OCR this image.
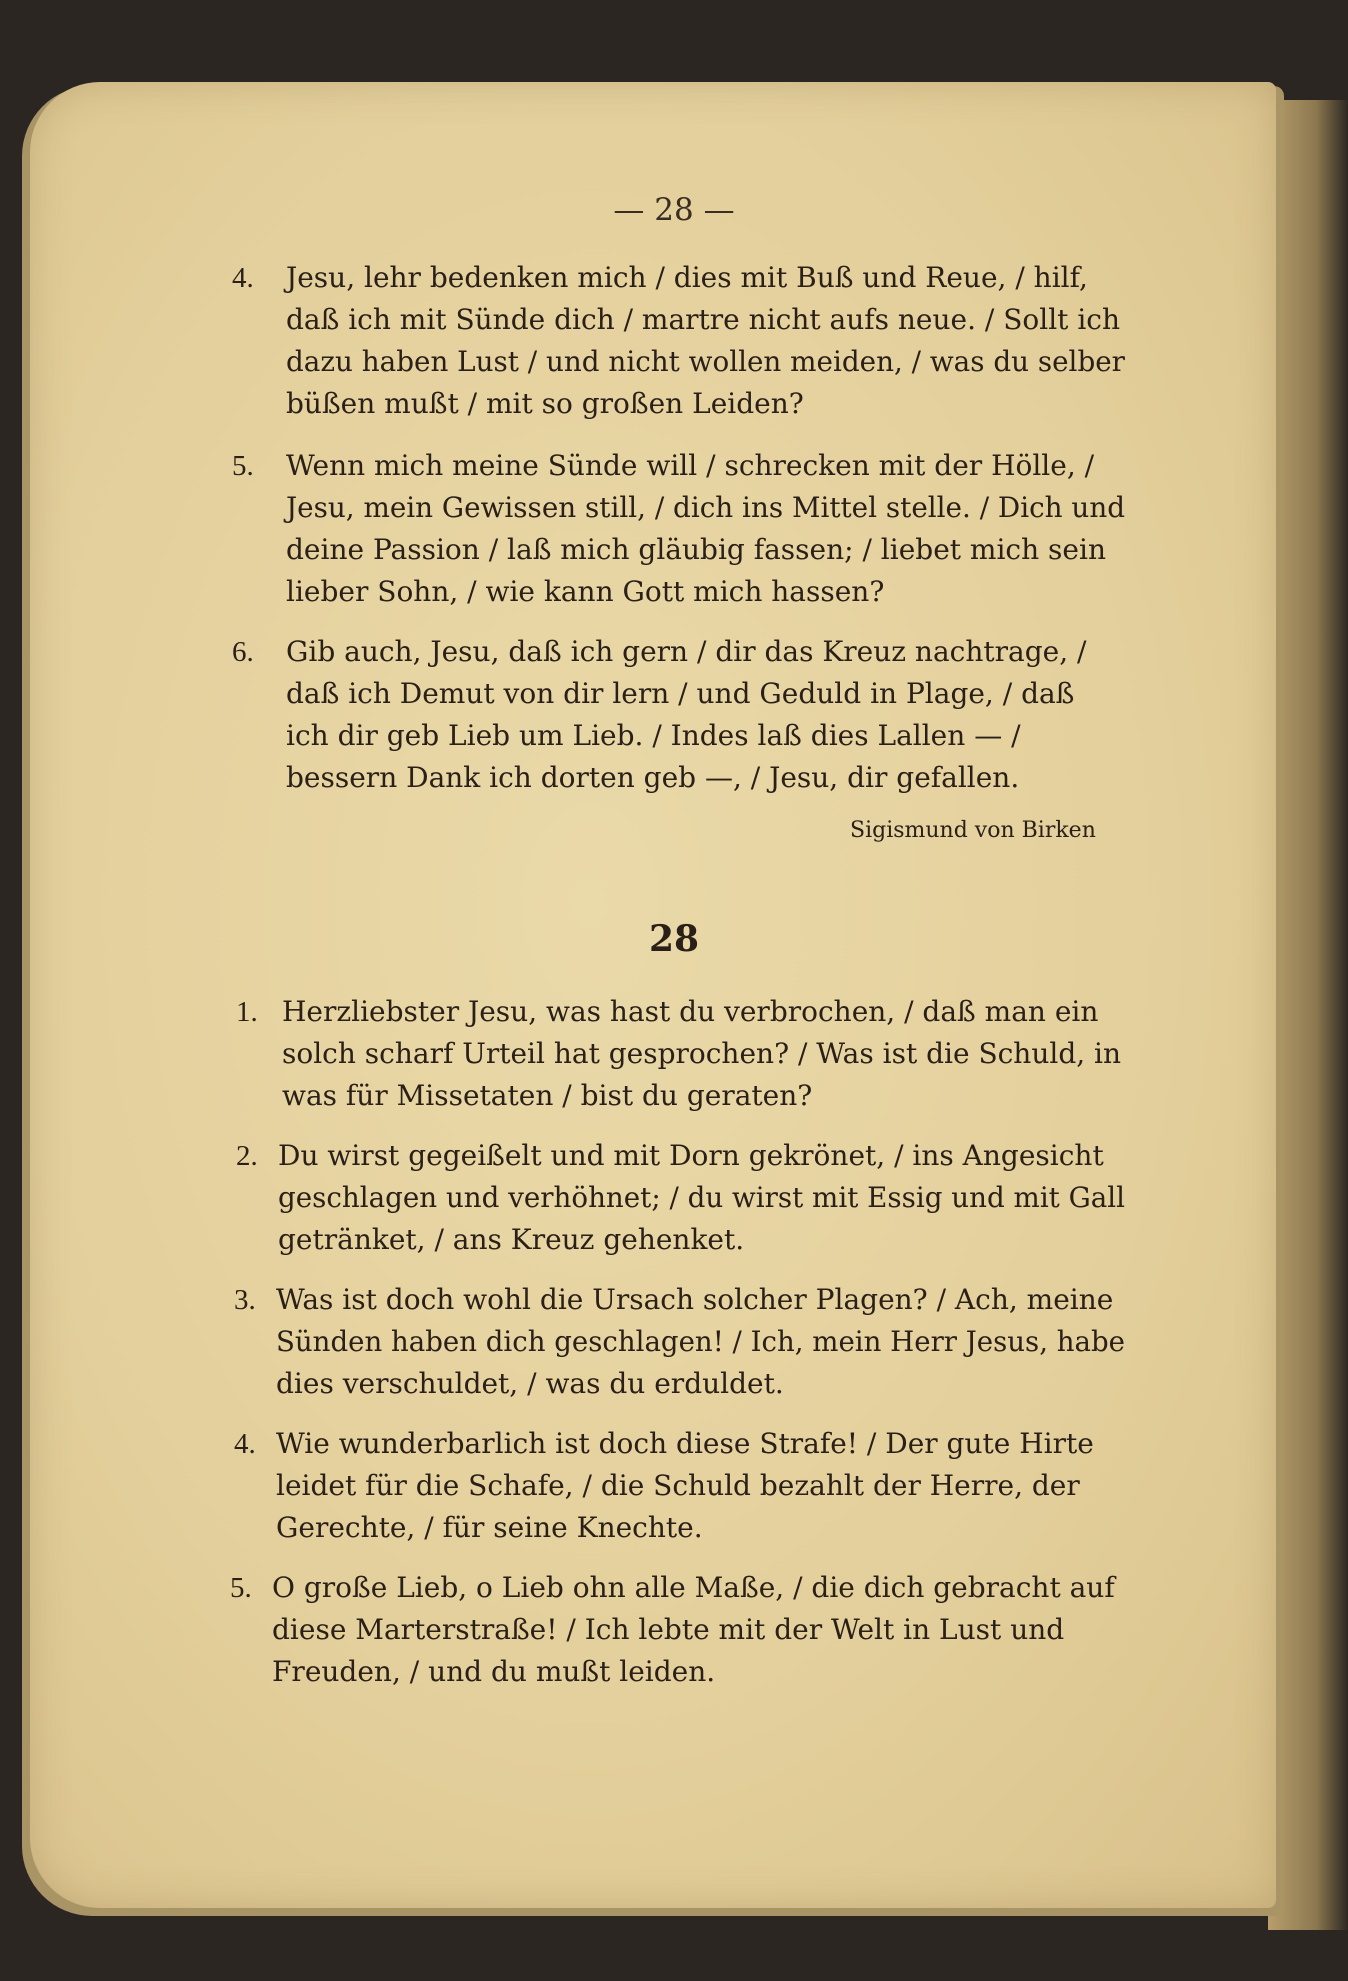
— 28 —
4. Jesu, lehr bedenken mich / dies mit Buß und Reue, / hilf,
daß ich mit Sünde dich / martre nicht aufs neue. / Sollt ich
dazu haben Lust / und nicht wollen meiden, / was du selber
büßen mußt / mit so großen Leiden?
5. Wenn mich meine Sünde will / schrecken mit der Hölle, /
Jesu, mein Gewissen still, / dich ins Mittel stelle. / Dich und
deine Passion / laß mich gläubig fassen; / liebet mich sein
lieber Sohn, / wie kann Gott mich hassen?
6. Gib auch, Jesu, daß ich gern / dir das Kreuz nachtrage, /
daß ich Demut von dir lern / und Geduld in Plage, / daß
ich dir geb Lieb um Lieb. / Indes laß dies Lallen — /
bessern Dank ich dorten geb —, / Jesu, dir gefallen.
Sigismund von Birken
28
1. Herzliebster Jesu, was hast du verbrochen, / daß man ein
solch scharf Urteil hat gesprochen? / Was ist die Schuld, in
was für Missetaten / bist du geraten?
2. Du wirst gegeißelt und mit Dorn gekrönet, / ins Angesicht
geschlagen und verhöhnet; / du wirst mit Essig und mit Gall
getränket, / ans Kreuz gehenket.
3. Was ist doch wohl die Ursach solcher Plagen? / Ach, meine
Sünden haben dich geschlagen! / Ich, mein Herr Jesus, habe
dies verschuldet, / was du erduldet.
4. Wie wunderbarlich ist doch diese Strafe! / Der gute Hirte
leidet für die Schafe, / die Schuld bezahlt der Herre, der
Gerechte, / für seine Knechte.
5. O große Lieb, o Lieb ohn alle Maße, / die dich gebracht auf
diese Marterstraße! / Ich lebte mit der Welt in Lust und
Freuden, / und du mußt leiden.
